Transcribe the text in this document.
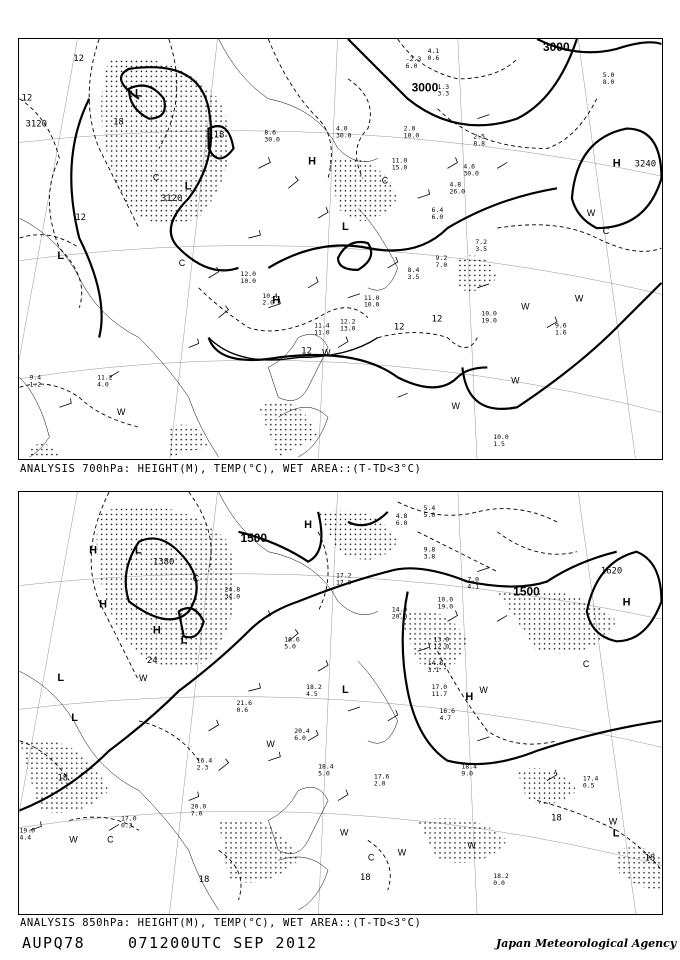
3000
3000
3120
3120
3240
12
12
12
12
12
12
18
18
L
L
L
L
L
H
H
H
C
C
C
C
W
W
W
W
W
W
W
-2.3
6.0
4.1
0.6
1.3
3.3
2.0
10.0
4.0
30.0
8.6
30.0
11.0
15.0	4.6
30.0
4.8
26.0
6.4
6.0
7.2
3.5
9.2
7.0
8.4
3.5
11.0
10.0
10.0
19.0
9.6
1.6
10.4
2.0
11.4
11.0
12.2
13.0
11.2
4.0
9.4
1.2
10.0
1.5
12.0
10.0
2.5
8.8
5.0
8.0
ANALYSIS 700hPa: HEIGHT(M), TEMP(°C), WET AREA::(T-TD<3°C)
1500
1500
1380
1620
24
18
18
18	18
18
L
L
L
L
L
L
H
H
H
H
H
H
C
C
C
C
W
W
W
W
W
W
W
W
4.8
6.0
5.4
5.0
9.8
3.8
10.0
19.0
7.0
4.1
17.2
17.0
14.0
20.0
13.0
12.0
14.8
3.1
17.0
11.7
16.6
4.7
21.6
0.6
20.4
6.0
18.4
5.0	17.6
2.0
18.4
9.0
17.4
0.5
20.0
7.0
16.4
2.3
17.0
0.3
19.0
4.4
18.2
0.0
24.8
34.0
16.6
5.0
18.2
4.5
ANALYSIS 850hPa: HEIGHT(M), TEMP(°C), WET AREA::(T-TD<3°C)
AUPQ78	071200UTC SEP 2012	Japan Meteorological Agency
